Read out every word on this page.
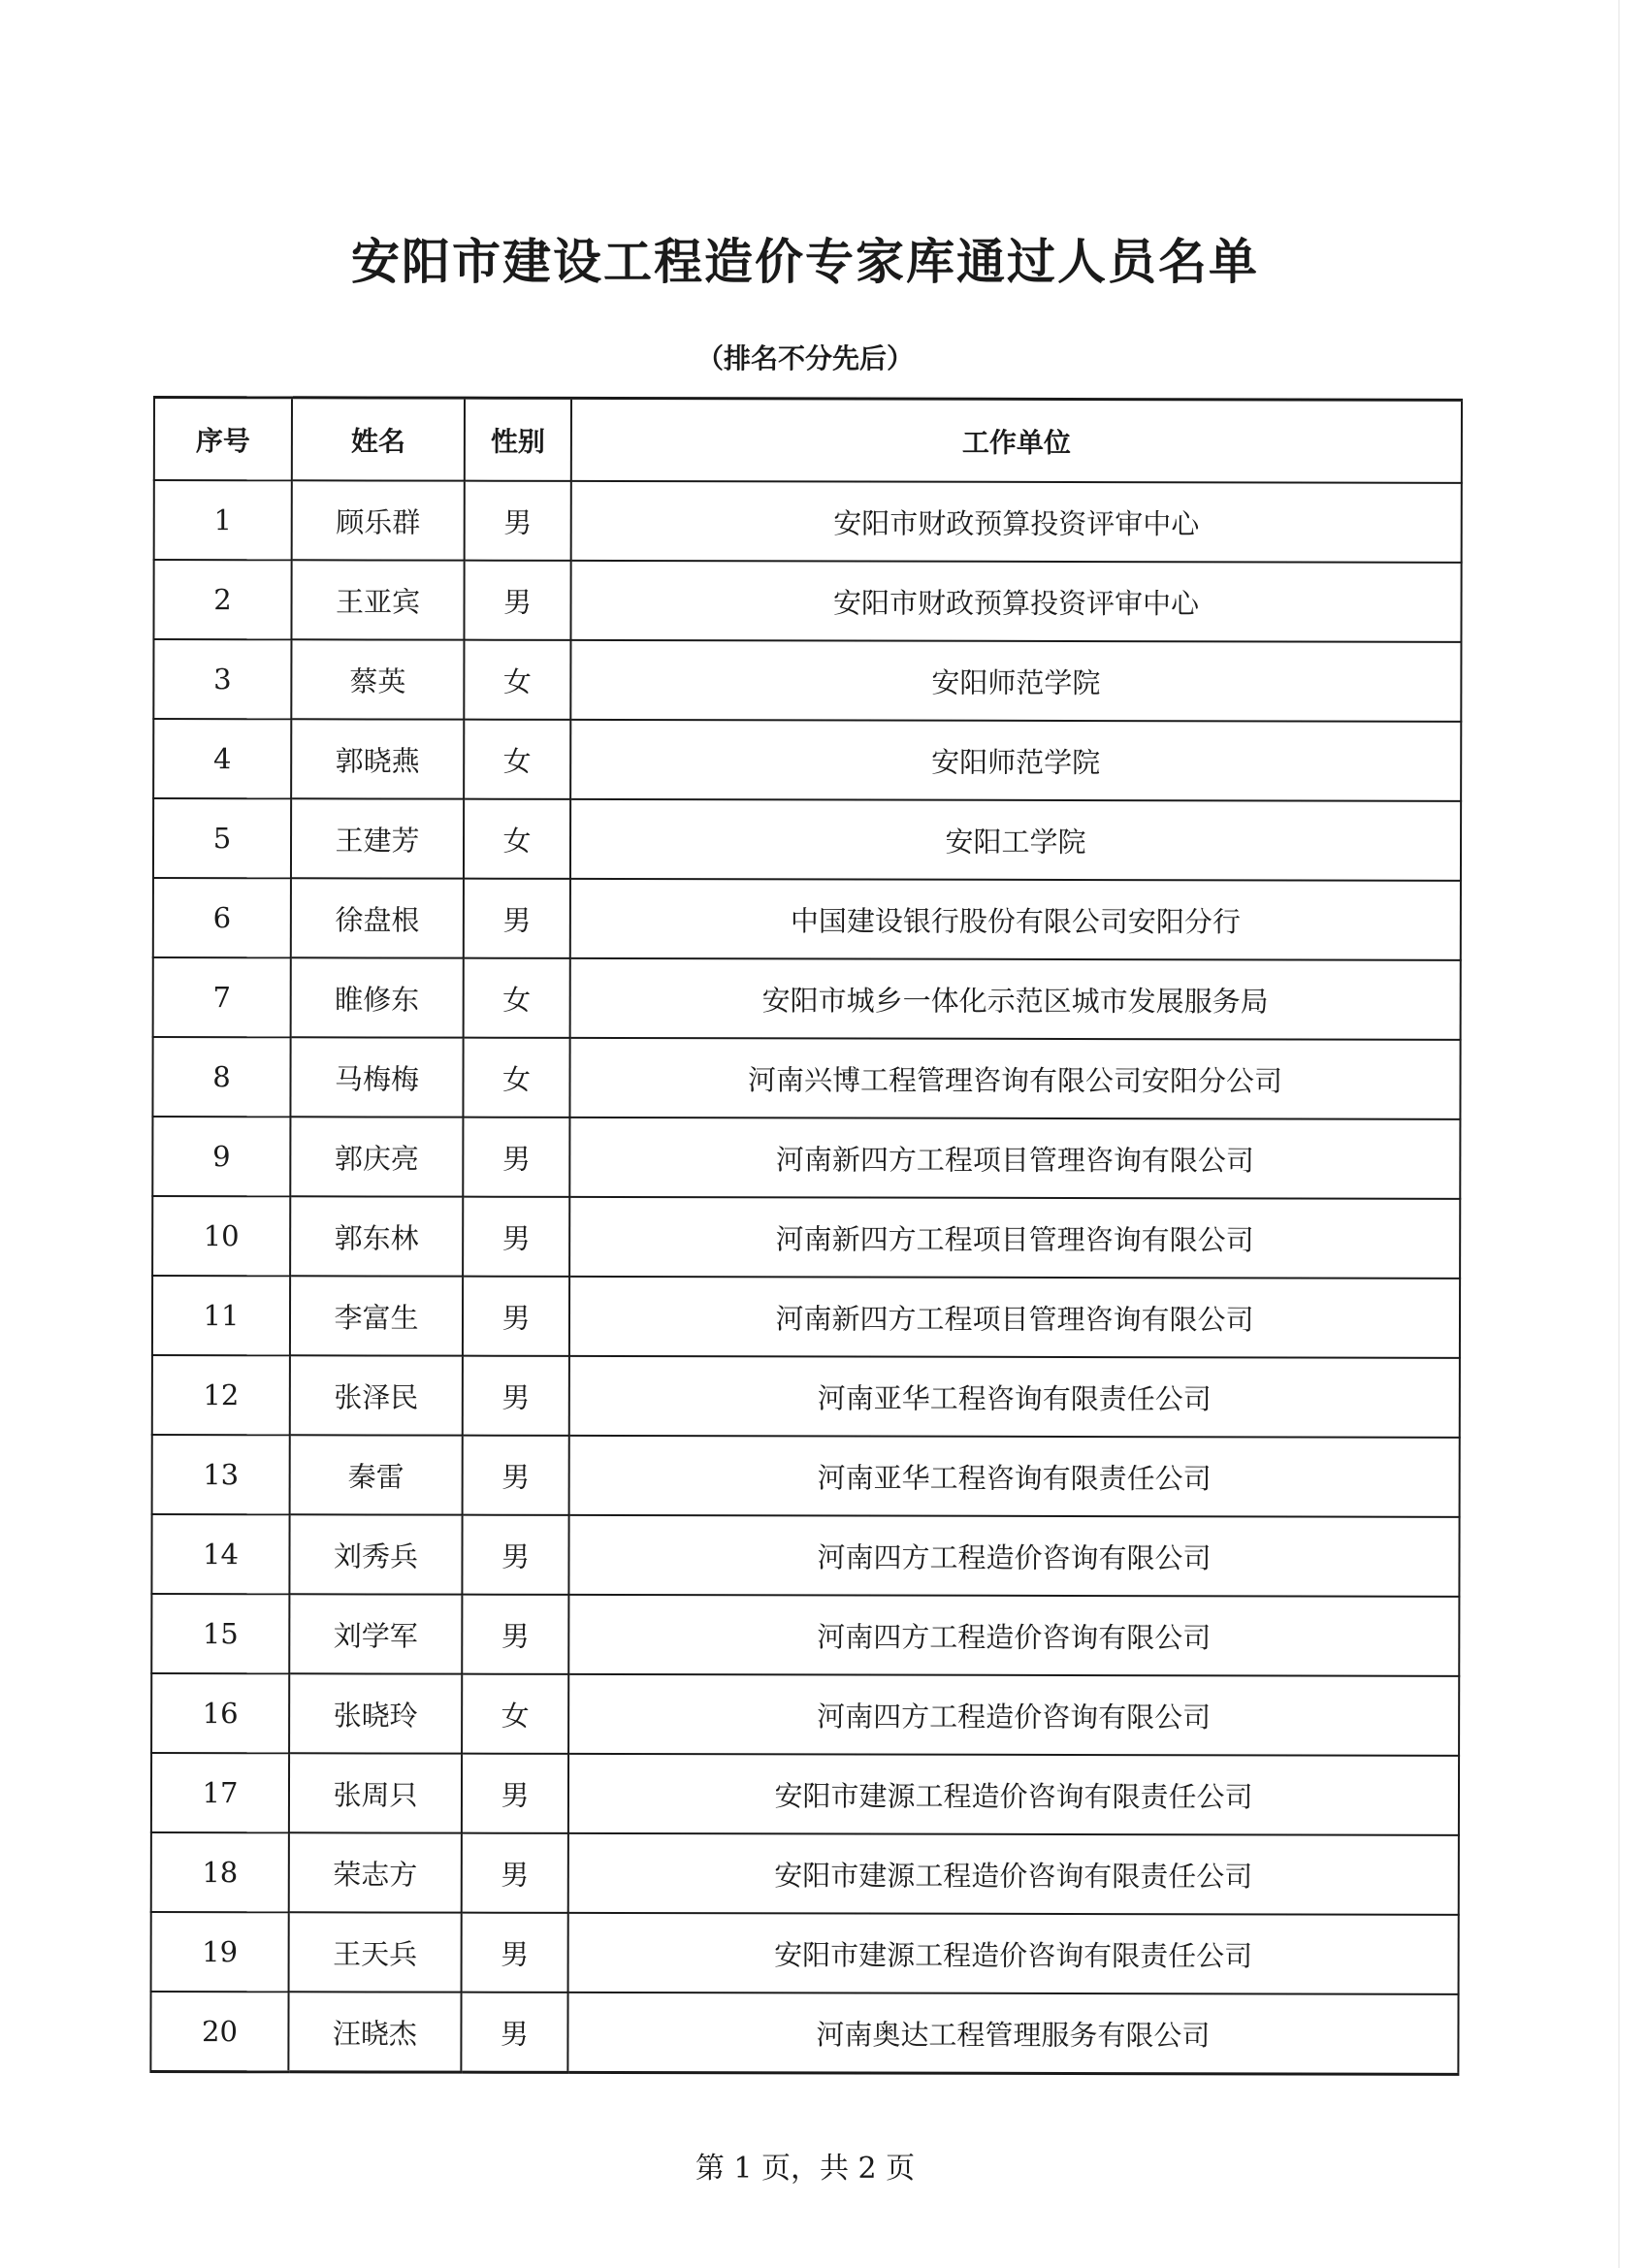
安阳市建设工程造价专家库通过人员名单
（排名不分先后）
序号	姓名	性别	工作单位
1	顾乐群	男	安阳市财政预算投资评审中心
2	王亚宾	男	安阳市财政预算投资评审中心
3	蔡英	女	安阳师范学院
4	郭晓燕	女	安阳师范学院
5	王建芳	女	安阳工学院
6	徐盘根	男	中国建设银行股份有限公司安阳分行
7	睢修东	女	安阳市城乡一体化示范区城市发展服务局
8	马梅梅	女	河南兴博工程管理咨询有限公司安阳分公司
9	郭庆亮	男	河南新四方工程项目管理咨询有限公司
10	郭东林	男	河南新四方工程项目管理咨询有限公司
11	李富生	男	河南新四方工程项目管理咨询有限公司
12	张泽民	男	河南亚华工程咨询有限责任公司
13	秦雷	男	河南亚华工程咨询有限责任公司
14	刘秀兵	男	河南四方工程造价咨询有限公司
15	刘学军	男	河南四方工程造价咨询有限公司
16	张晓玲	女	河南四方工程造价咨询有限公司
17	张周只	男	安阳市建源工程造价咨询有限责任公司
18	荣志方	男	安阳市建源工程造价咨询有限责任公司
19	王天兵	男	安阳市建源工程造价咨询有限责任公司
20	汪晓杰	男	河南奥达工程管理服务有限公司
第 1 页，共 2 页
